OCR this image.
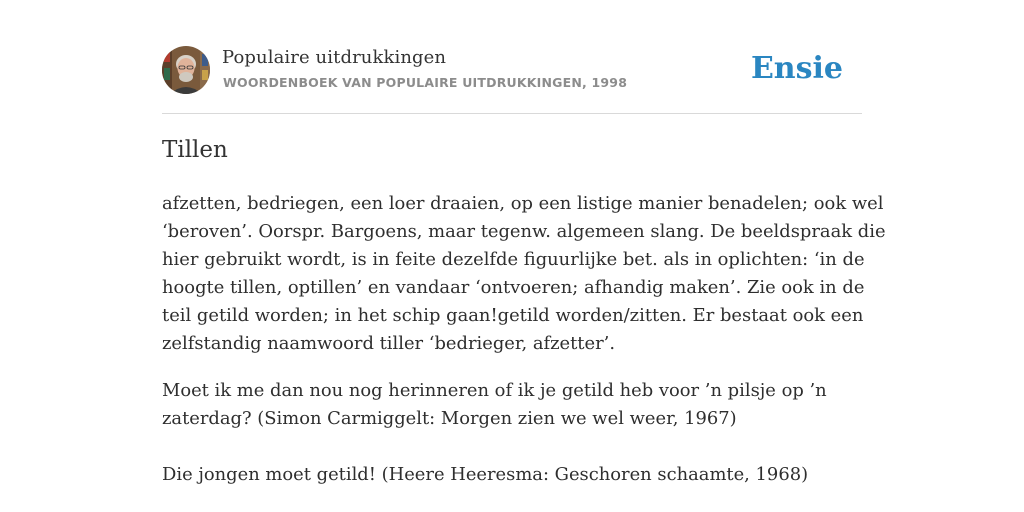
Populaire uitdrukkingen
WOORDENBOEK VAN POPULAIRE UITDRUKKINGEN, 1998	Ensie
Tillen
afzetten, bedriegen, een loer draaien, op een listige manier benadelen; ook wel
‘beroven’. Oorspr. Bargoens, maar tegenw. algemeen slang. De beeldspraak die
hier gebruikt wordt, is in feite dezelfde figuurlijke bet. als in oplichten: ‘in de
hoogte tillen, optillen’ en vandaar ‘ontvoeren; afhandig maken’. Zie ook in de
teil getild worden; in het schip gaan!getild worden/zitten. Er bestaat ook een
zelfstandig naamwoord tiller ‘bedrieger, afzetter’.
Moet ik me dan nou nog herinneren of ik je getild heb voor ’n pilsje op ’n
zaterdag? (Simon Carmiggelt: Morgen zien we wel weer, 1967)
Die jongen moet getild! (Heere Heeresma: Geschoren schaamte, 1968)
